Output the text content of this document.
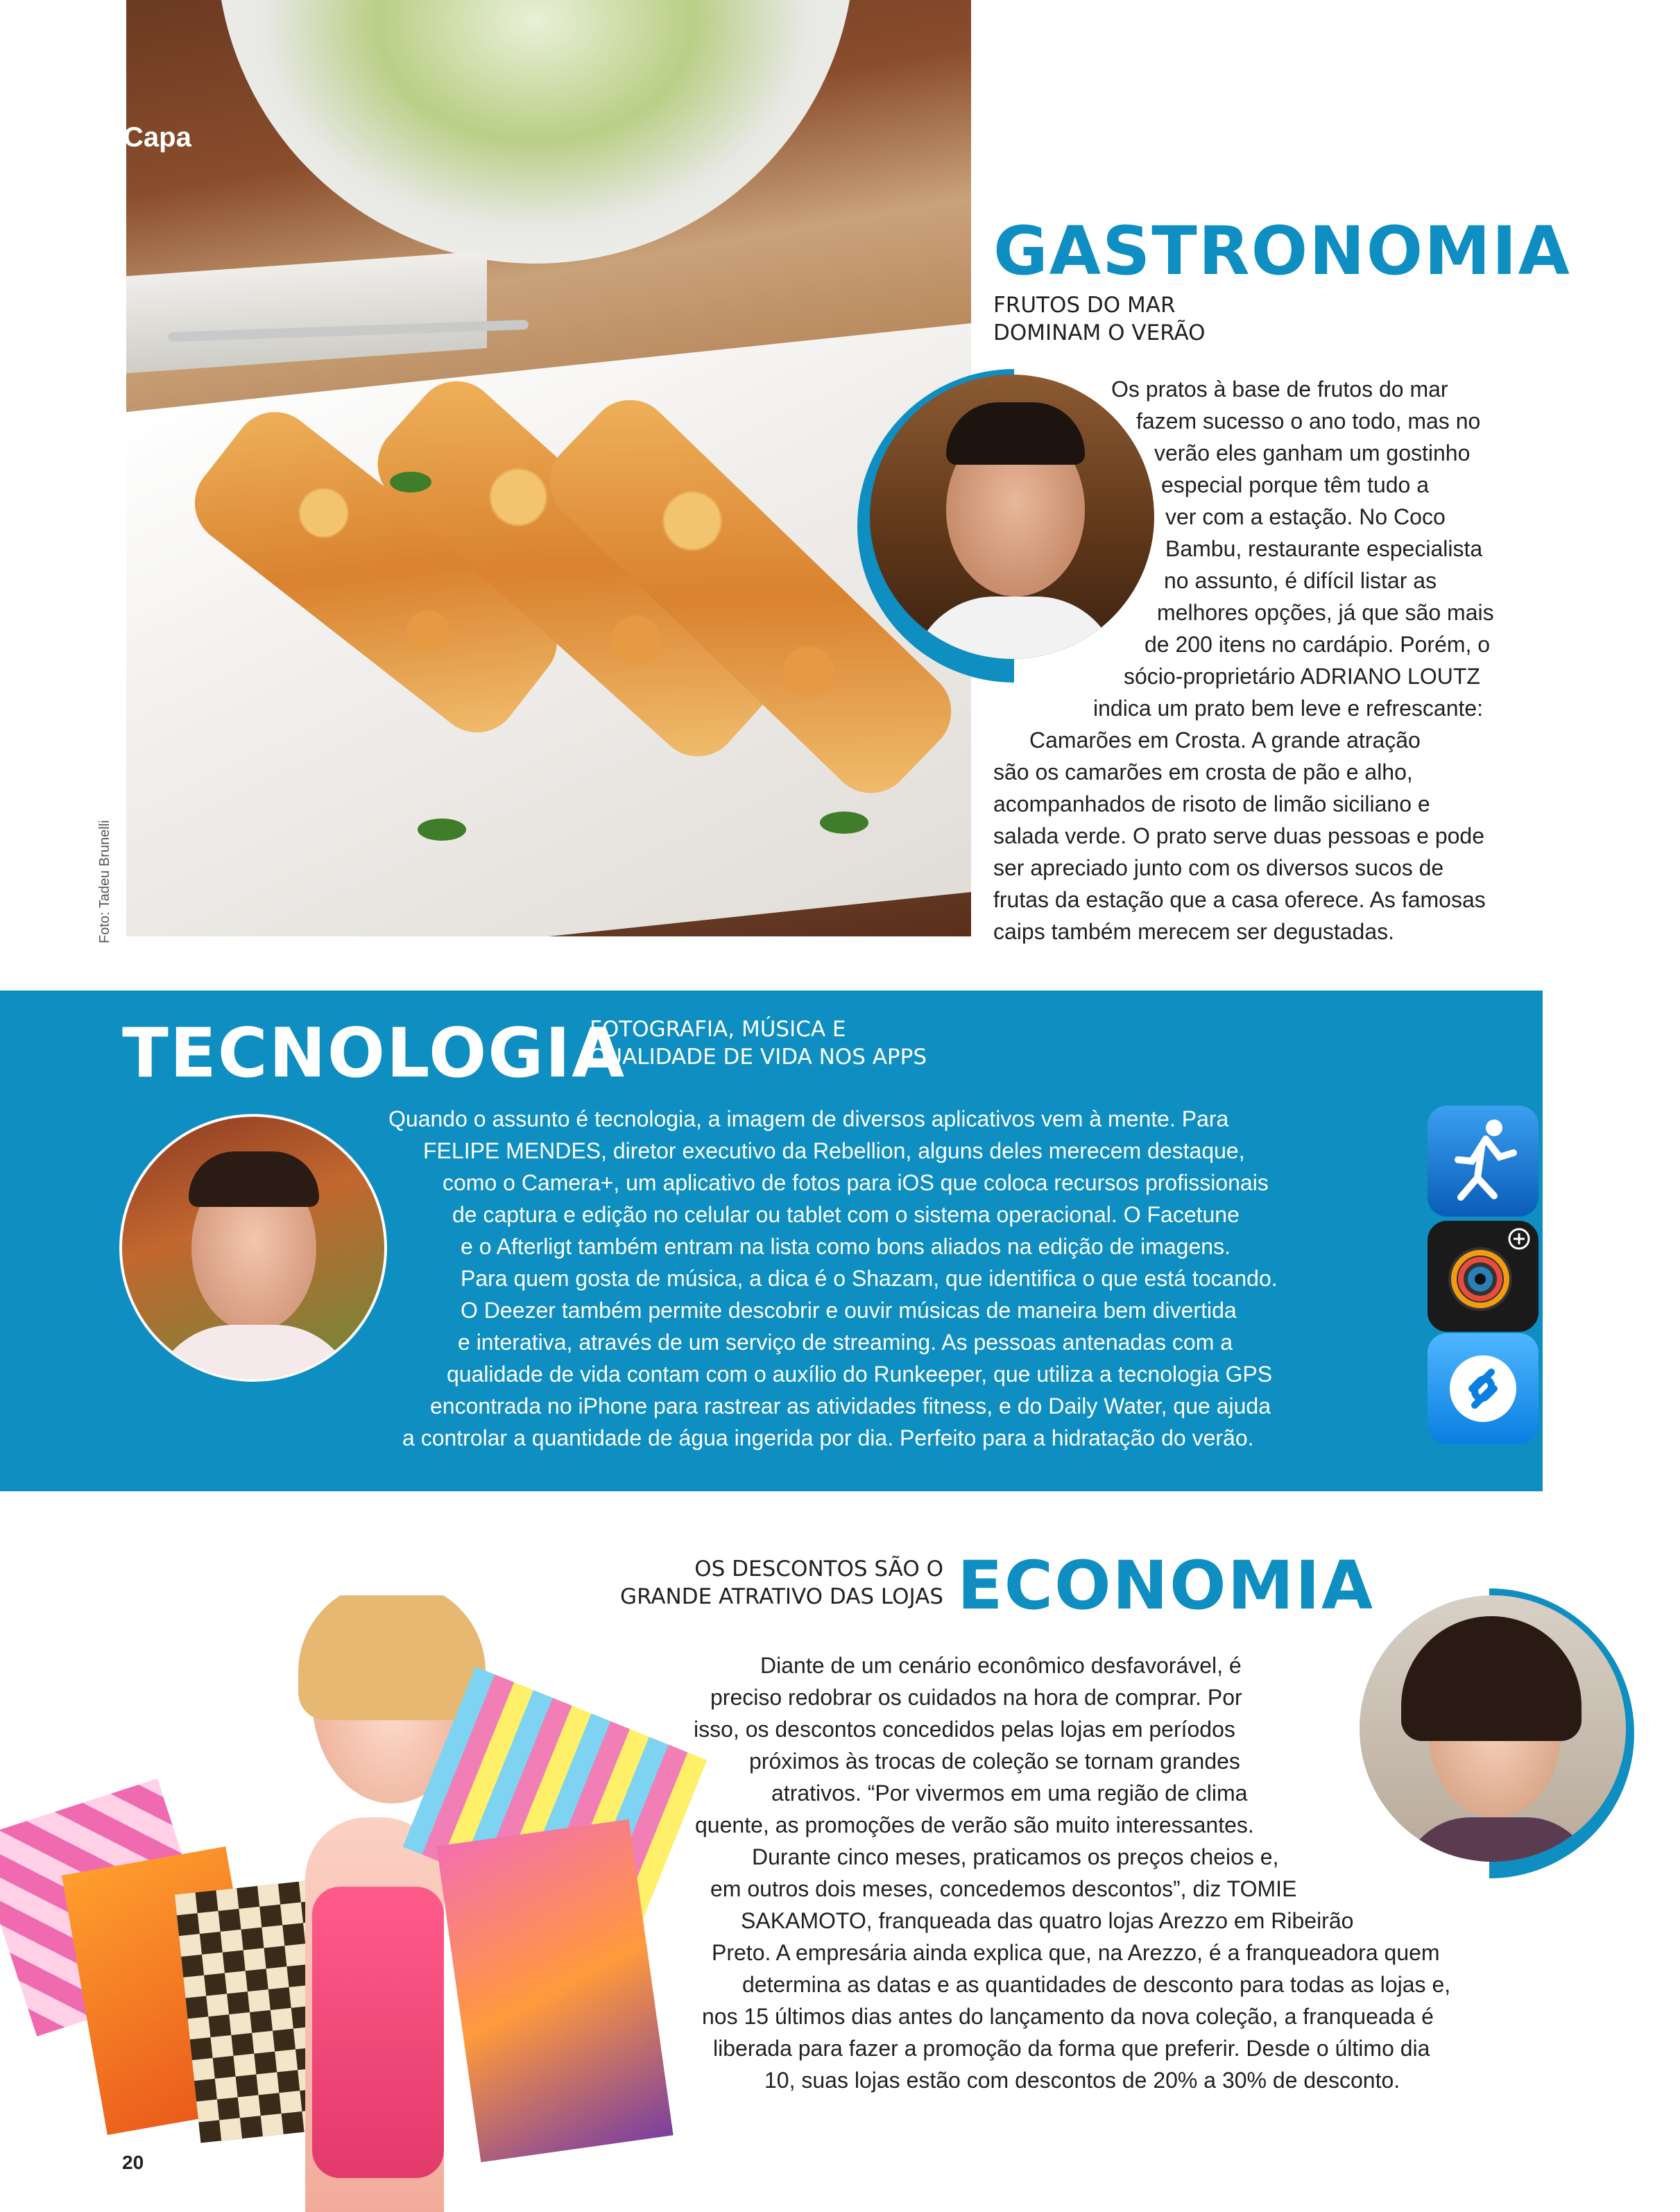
Capa
Foto: Tadeu Brunelli
GASTRONOMIA
FRUTOS DO MAR
DOMINAM O VERÃO
Os pratos à base de frutos do mar
fazem sucesso o ano todo, mas no
verão eles ganham um gostinho
especial porque têm tudo a
ver com a estação. No Coco
Bambu, restaurante especialista
no assunto, é difícil listar as
melhores opções, já que são mais
de 200 itens no cardápio. Porém, o
sócio-proprietário ADRIANO LOUTZ
indica um prato bem leve e refrescante:
Camarões em Crosta. A grande atração
são os camarões em crosta de pão e alho,
acompanhados de risoto de limão siciliano e
salada verde. O prato serve duas pessoas e pode
ser apreciado junto com os diversos sucos de
frutas da estação que a casa oferece. As famosas
caips também merecem ser degustadas.
TECNOLOGIA
FOTOGRAFIA, MÚSICA E
QUALIDADE DE VIDA NOS APPS
Quando o assunto é tecnologia, a imagem de diversos aplicativos vem à mente. Para
FELIPE MENDES, diretor executivo da Rebellion, alguns deles merecem destaque,
como o Camera+, um aplicativo de fotos para iOS que coloca recursos profissionais
de captura e edição no celular ou tablet com o sistema operacional. O Facetune
e o Afterligt também entram na lista como bons aliados na edição de imagens.
Para quem gosta de música, a dica é o Shazam, que identifica o que está tocando.
O Deezer também permite descobrir e ouvir músicas de maneira bem divertida
e interativa, através de um serviço de streaming. As pessoas antenadas com a
qualidade de vida contam com o auxílio do Runkeeper, que utiliza a tecnologia GPS
encontrada no iPhone para rastrear as atividades fitness, e do Daily Water, que ajuda
a controlar a quantidade de água ingerida por dia. Perfeito para a hidratação do verão.
OS DESCONTOS SÃO O
GRANDE ATRATIVO DAS LOJAS ECONOMIA
Diante de um cenário econômico desfavorável, é
preciso redobrar os cuidados na hora de comprar. Por
isso, os descontos concedidos pelas lojas em períodos
próximos às trocas de coleção se tornam grandes
atrativos. “Por vivermos em uma região de clima
quente, as promoções de verão são muito interessantes.
Durante cinco meses, praticamos os preços cheios e,
em outros dois meses, concedemos descontos”, diz TOMIE
SAKAMOTO, franqueada das quatro lojas Arezzo em Ribeirão
Preto. A empresária ainda explica que, na Arezzo, é a franqueadora quem
determina as datas e as quantidades de desconto para todas as lojas e,
nos 15 últimos dias antes do lançamento da nova coleção, a franqueada é
liberada para fazer a promoção da forma que preferir. Desde o último dia
10, suas lojas estão com descontos de 20% a 30% de desconto.
20
